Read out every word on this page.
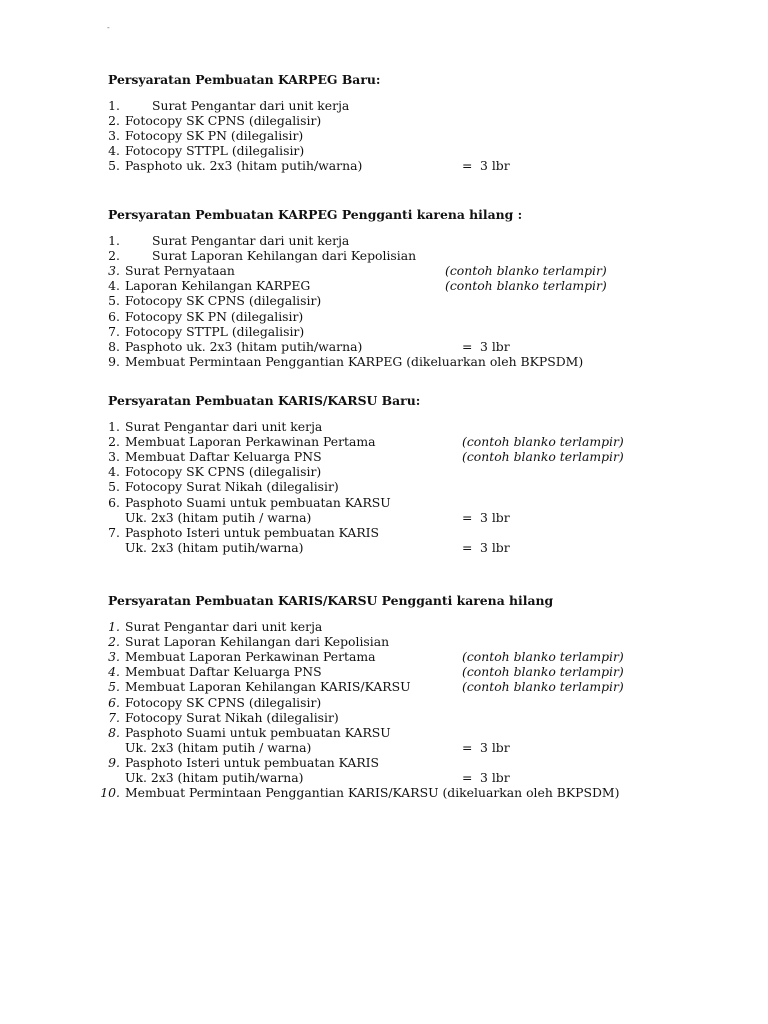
-
Persyaratan Pembuatan KARPEG Baru:
1.	Surat Pengantar dari unit kerja
2. Fotocopy SK CPNS (dilegalisir)
3. Fotocopy SK PN (dilegalisir)
4. Fotocopy STTPL (dilegalisir)
5. Pasphoto uk. 2x3 (hitam putih/warna)	= 3 lbr
Persyaratan Pembuatan KARPEG Pengganti karena hilang :
1.	Surat Pengantar dari unit kerja
2.	Surat Laporan Kehilangan dari Kepolisian
3. Surat Pernyataan	(contoh blanko terlampir)
4. Laporan Kehilangan KARPEG	(contoh blanko terlampir)
5. Fotocopy SK CPNS (dilegalisir)
6. Fotocopy SK PN (dilegalisir)
7. Fotocopy STTPL (dilegalisir)
8. Pasphoto uk. 2x3 (hitam putih/warna)	= 3 lbr
9. Membuat Permintaan Penggantian KARPEG (dikeluarkan oleh BKPSDM)
Persyaratan Pembuatan KARIS/KARSU Baru:
1. Surat Pengantar dari unit kerja
2. Membuat Laporan Perkawinan Pertama	(contoh blanko terlampir)
3. Membuat Daftar Keluarga PNS	(contoh blanko terlampir)
4. Fotocopy SK CPNS (dilegalisir)
5. Fotocopy Surat Nikah (dilegalisir)
6. Pasphoto Suami untuk pembuatan KARSU
Uk. 2x3 (hitam putih / warna)	= 3 lbr
7. Pasphoto Isteri untuk pembuatan KARIS
Uk. 2x3 (hitam putih/warna)	= 3 lbr
Persyaratan Pembuatan KARIS/KARSU Pengganti karena hilang
1. Surat Pengantar dari unit kerja
2. Surat Laporan Kehilangan dari Kepolisian
3. Membuat Laporan Perkawinan Pertama	(contoh blanko terlampir)
4. Membuat Daftar Keluarga PNS	(contoh blanko terlampir)
5. Membuat Laporan Kehilangan KARIS/KARSU	(contoh blanko terlampir)
6. Fotocopy SK CPNS (dilegalisir)
7. Fotocopy Surat Nikah (dilegalisir)
8. Pasphoto Suami untuk pembuatan KARSU
Uk. 2x3 (hitam putih / warna)	= 3 lbr
9. Pasphoto Isteri untuk pembuatan KARIS
Uk. 2x3 (hitam putih/warna)	= 3 lbr
10. Membuat Permintaan Penggantian KARIS/KARSU (dikeluarkan oleh BKPSDM)
